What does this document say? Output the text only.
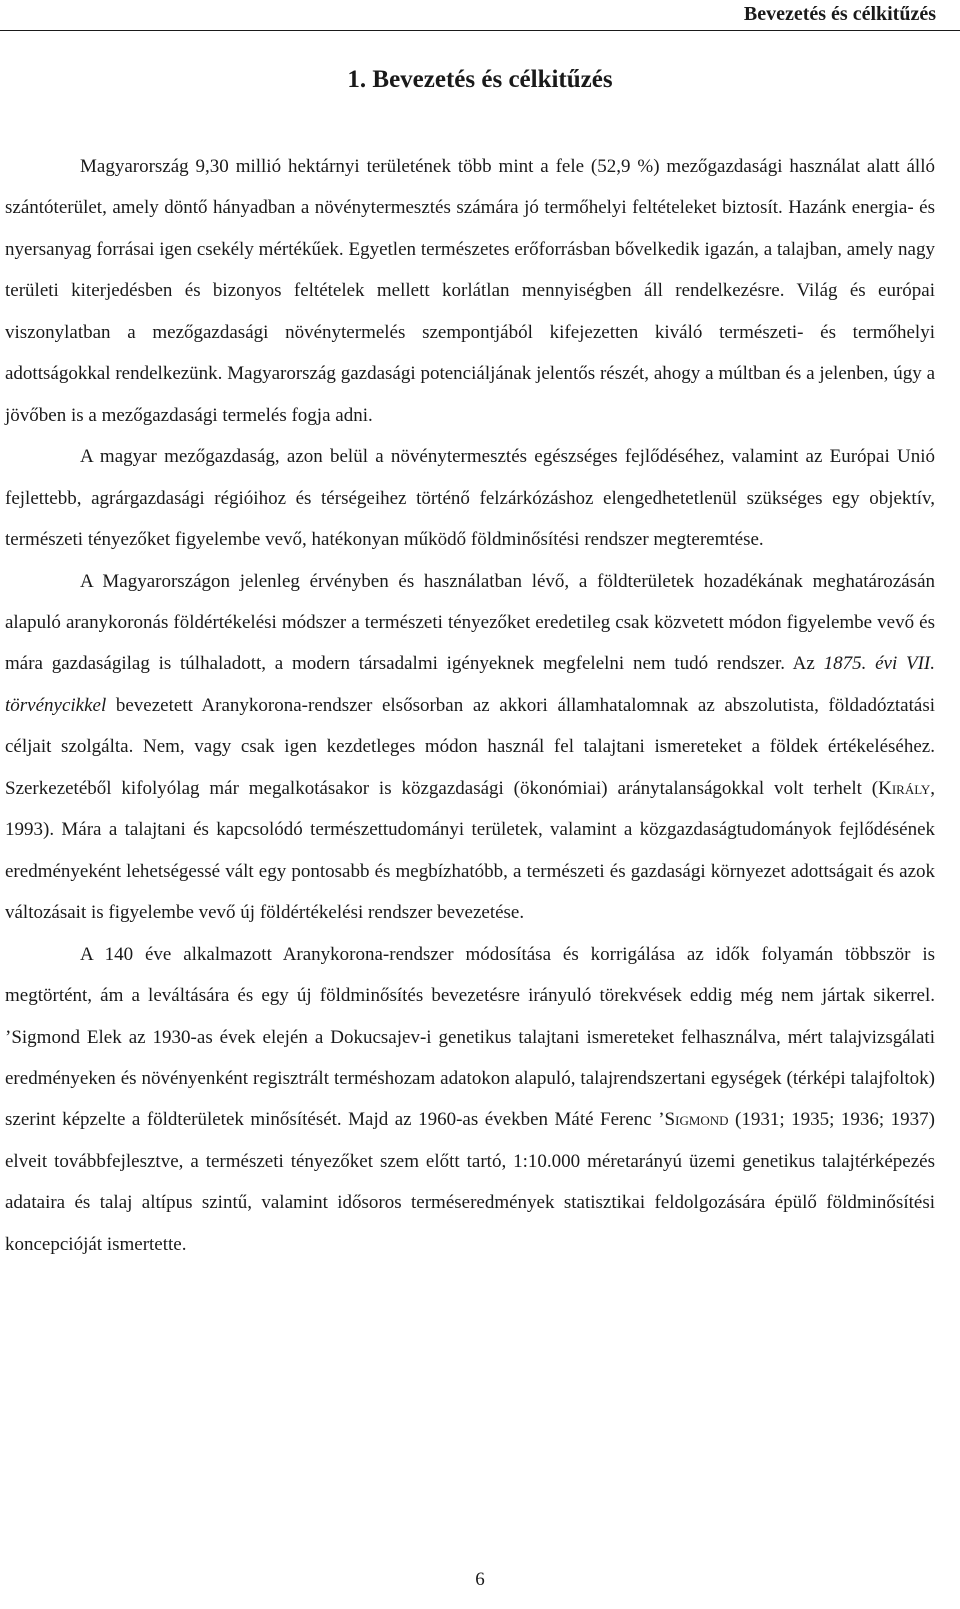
Bevezetés és célkitűzés
1. Bevezetés és célkitűzés

Magyarország 9,30 millió hektárnyi területének több mint a fele (52,9 %) mezőgazdasági használat alatt álló szántóterület, amely döntő hányadban a növénytermesztés számára jó termőhelyi feltételeket biztosít. Hazánk energia- és nyersanyag forrásai igen csekély mértékűek. Egyetlen természetes erőforrásban bővelkedik igazán, a talajban, amely nagy területi kiterjedésben és bizonyos feltételek mellett korlátlan mennyiségben áll rendelkezésre. Világ és európai viszonylatban a mezőgazdasági növénytermelés szempontjából kifejezetten kiváló természeti- és termőhelyi adottságokkal rendelkezünk. Magyarország gazdasági potenciáljának jelentős részét, ahogy a múltban és a jelenben, úgy a jövőben is a mezőgazdasági termelés fogja adni.

A magyar mezőgazdaság, azon belül a növénytermesztés egészséges fejlődéséhez, valamint az Európai Unió fejlettebb, agrárgazdasági régióihoz és térségeihez történő felzárkózáshoz elengedhetetlenül szükséges egy objektív, természeti tényezőket figyelembe vevő, hatékonyan működő földminősítési rendszer megteremtése.

A Magyarországon jelenleg érvényben és használatban lévő, a földterületek hozadékának meghatározásán alapuló aranykoronás földértékelési módszer a természeti tényezőket eredetileg csak közvetett módon figyelembe vevő és mára gazdaságilag is túlhaladott, a modern társadalmi igényeknek megfelelni nem tudó rendszer. Az 1875. évi VII. törvénycikkel bevezetett Aranykorona-rendszer elsősorban az akkori államhatalomnak az abszolutista, földadóztatási céljait szolgálta. Nem, vagy csak igen kezdetleges módon használ fel talajtani ismereteket a földek értékeléséhez. Szerkezetéből kifolyólag már megalkotásakor is közgazdasági (ökonómiai) aránytalanságokkal volt terhelt (Király, 1993). Mára a talajtani és kapcsolódó természettudományi területek, valamint a közgazdaságtudományok fejlődésének eredményeként lehetségessé vált egy pontosabb és megbízhatóbb, a természeti és gazdasági környezet adottságait és azok változásait is figyelembe vevő új földértékelési rendszer bevezetése.

A 140 éve alkalmazott Aranykorona-rendszer módosítása és korrigálása az idők folyamán többször is megtörtént, ám a leváltására és egy új földminősítés bevezetésre irányuló törekvések eddig még nem jártak sikerrel. ’Sigmond Elek az 1930-as évek elején a Dokucsajev-i genetikus talajtani ismereteket felhasználva, mért talajvizsgálati eredményeken és növényenként regisztrált terméshozam adatokon alapuló, talajrendszertani egységek (térképi talajfoltok) szerint képzelte a földterületek minősítését. Majd az 1960-as években Máté Ferenc ’Sigmond (1931; 1935; 1936; 1937) elveit továbbfejlesztve, a természeti tényezőket szem előtt tartó, 1:10.000 méretarányú üzemi genetikus talajtérképezés adataira és talaj altípus szintű, valamint idősoros terméseredmények statisztikai feldolgozására épülő földminősítési koncepcióját ismertette.

6
